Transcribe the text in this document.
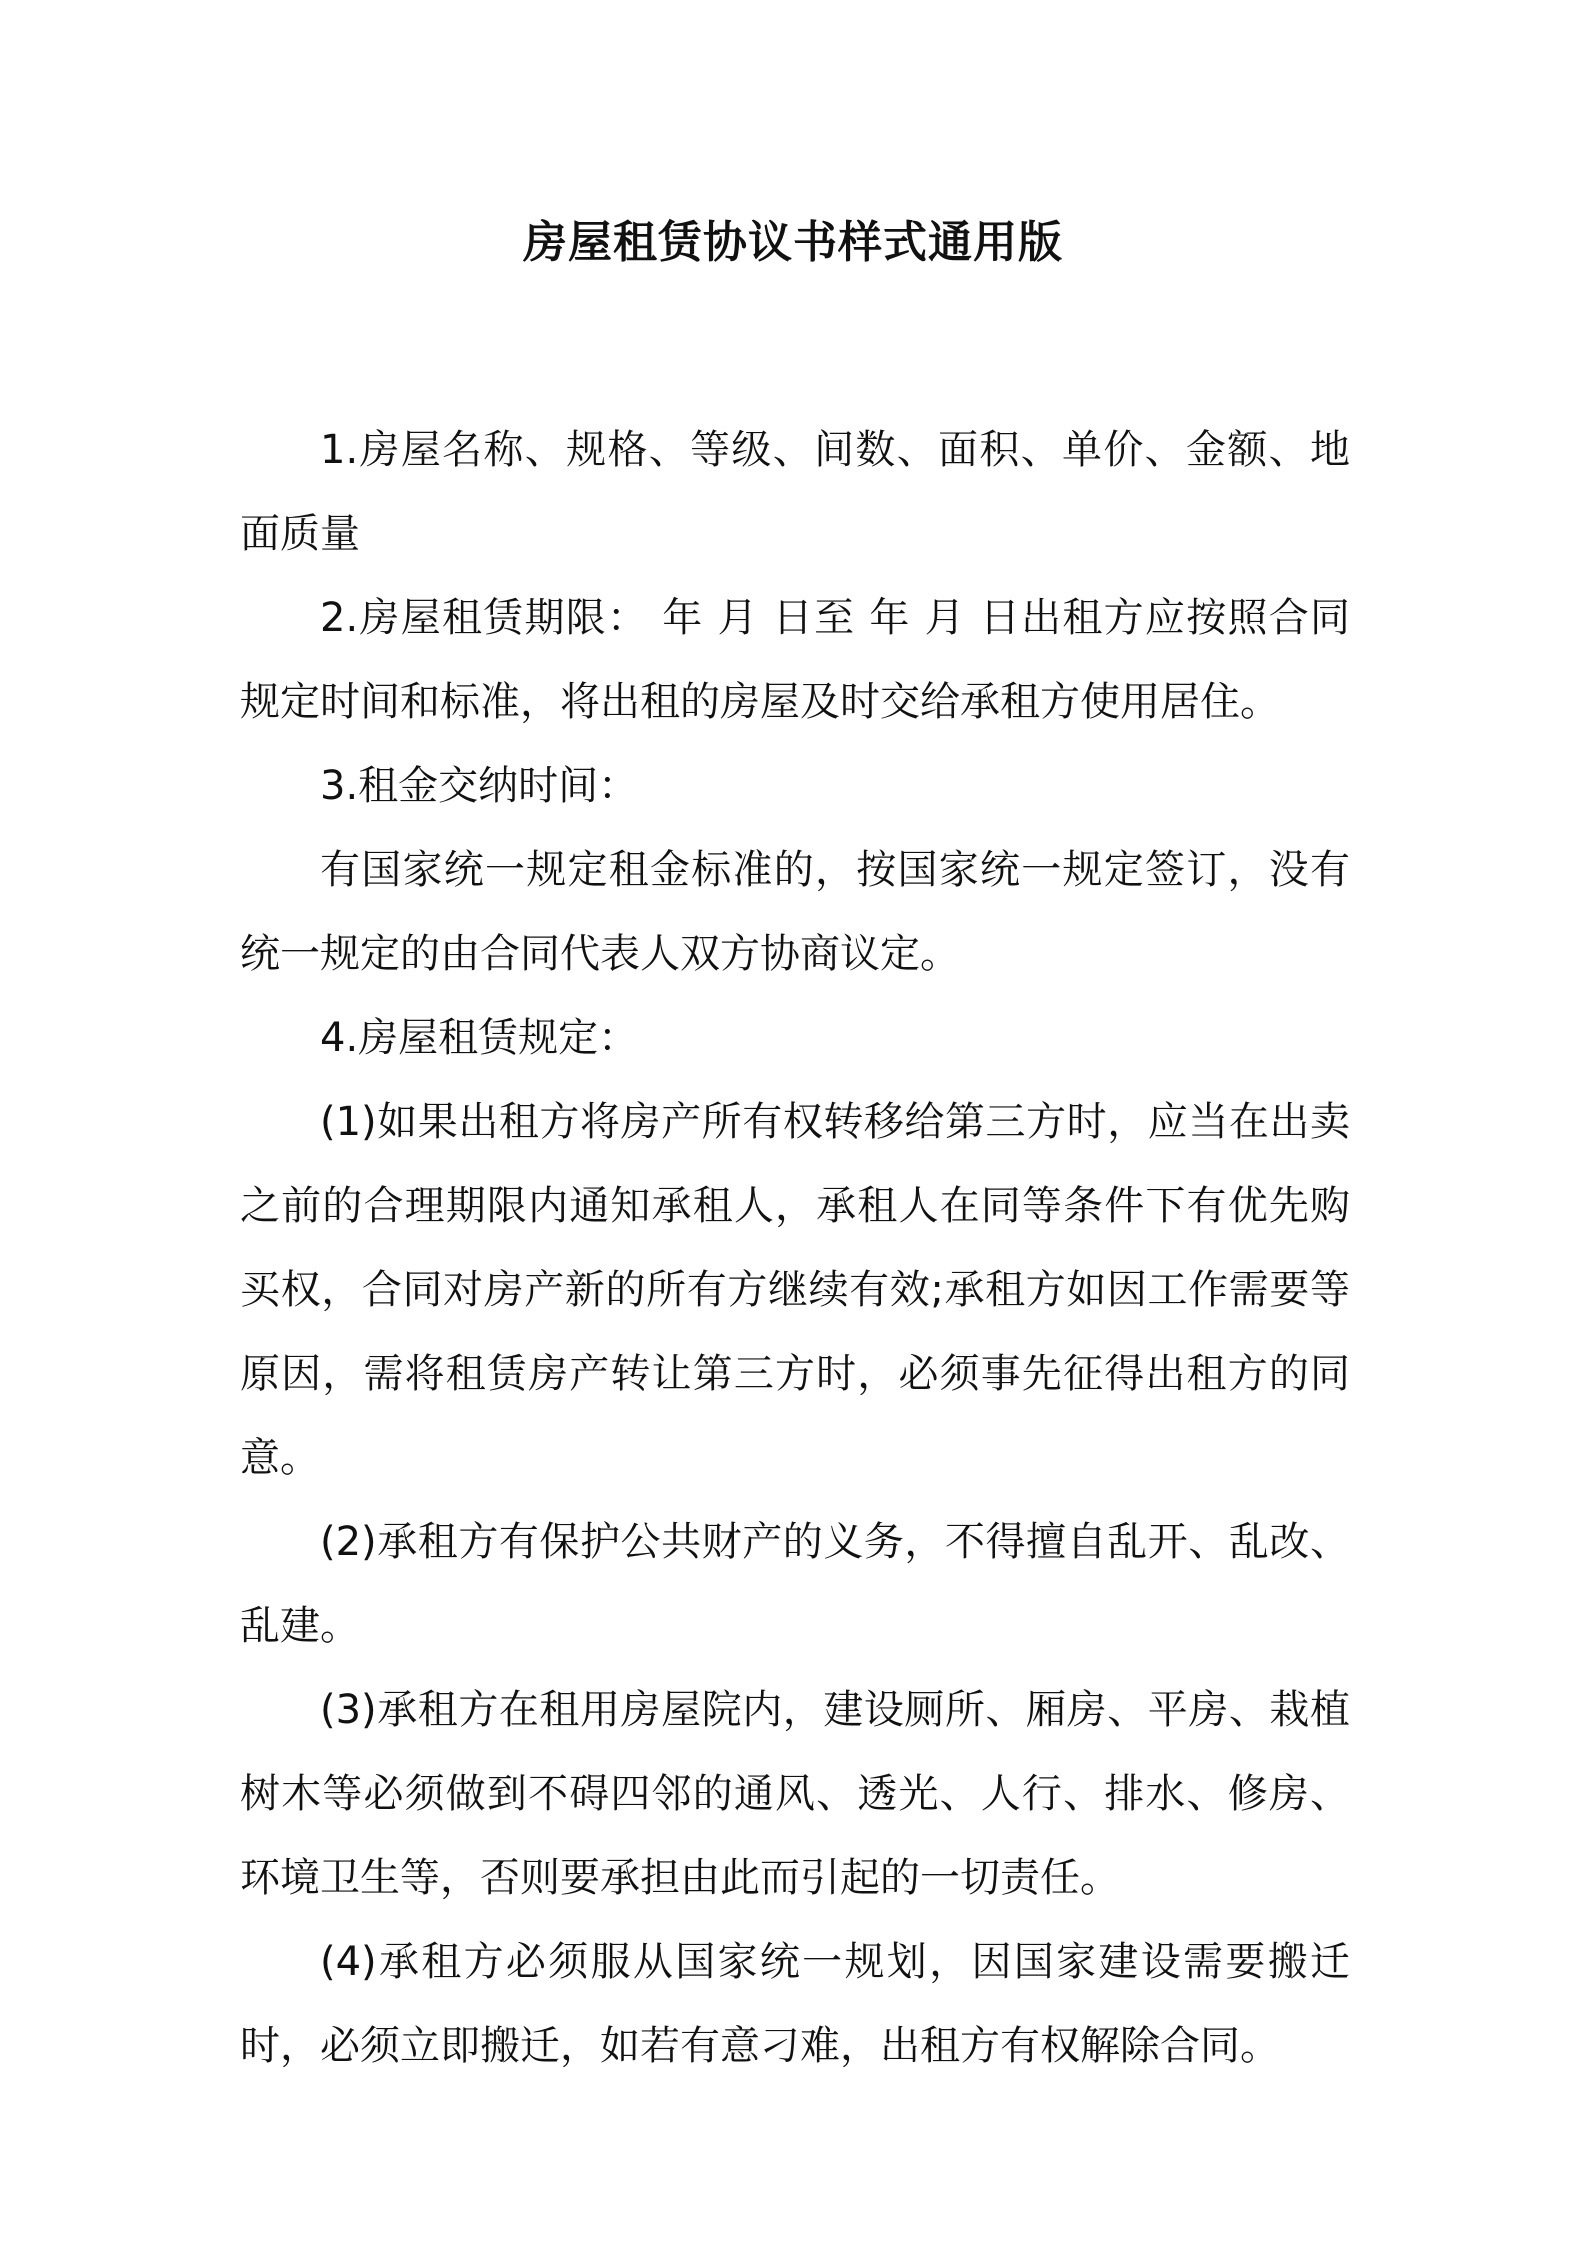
房屋租赁协议书样式通用版

1.房屋名称、规格、等级、间数、面积、单价、金额、地面质量

2.房屋租赁期限： 年 月 日至 年 月 日出租方应按照合同规定时间和标准，将出租的房屋及时交给承租方使用居住。

3.租金交纳时间：

有国家统一规定租金标准的，按国家统一规定签订，没有统一规定的由合同代表人双方协商议定。

4.房屋租赁规定：

(1)如果出租方将房产所有权转移给第三方时，应当在出卖之前的合理期限内通知承租人，承租人在同等条件下有优先购买权，合同对房产新的所有方继续有效;承租方如因工作需要等原因，需将租赁房产转让第三方时，必须事先征得出租方的同意。

(2)承租方有保护公共财产的义务，不得擅自乱开、乱改、乱建。

(3)承租方在租用房屋院内，建设厕所、厢房、平房、栽植树木等必须做到不碍四邻的通风、透光、人行、排水、修房、环境卫生等，否则要承担由此而引起的一切责任。

(4)承租方必须服从国家统一规划，因国家建设需要搬迁时，必须立即搬迁，如若有意刁难，出租方有权解除合同。
